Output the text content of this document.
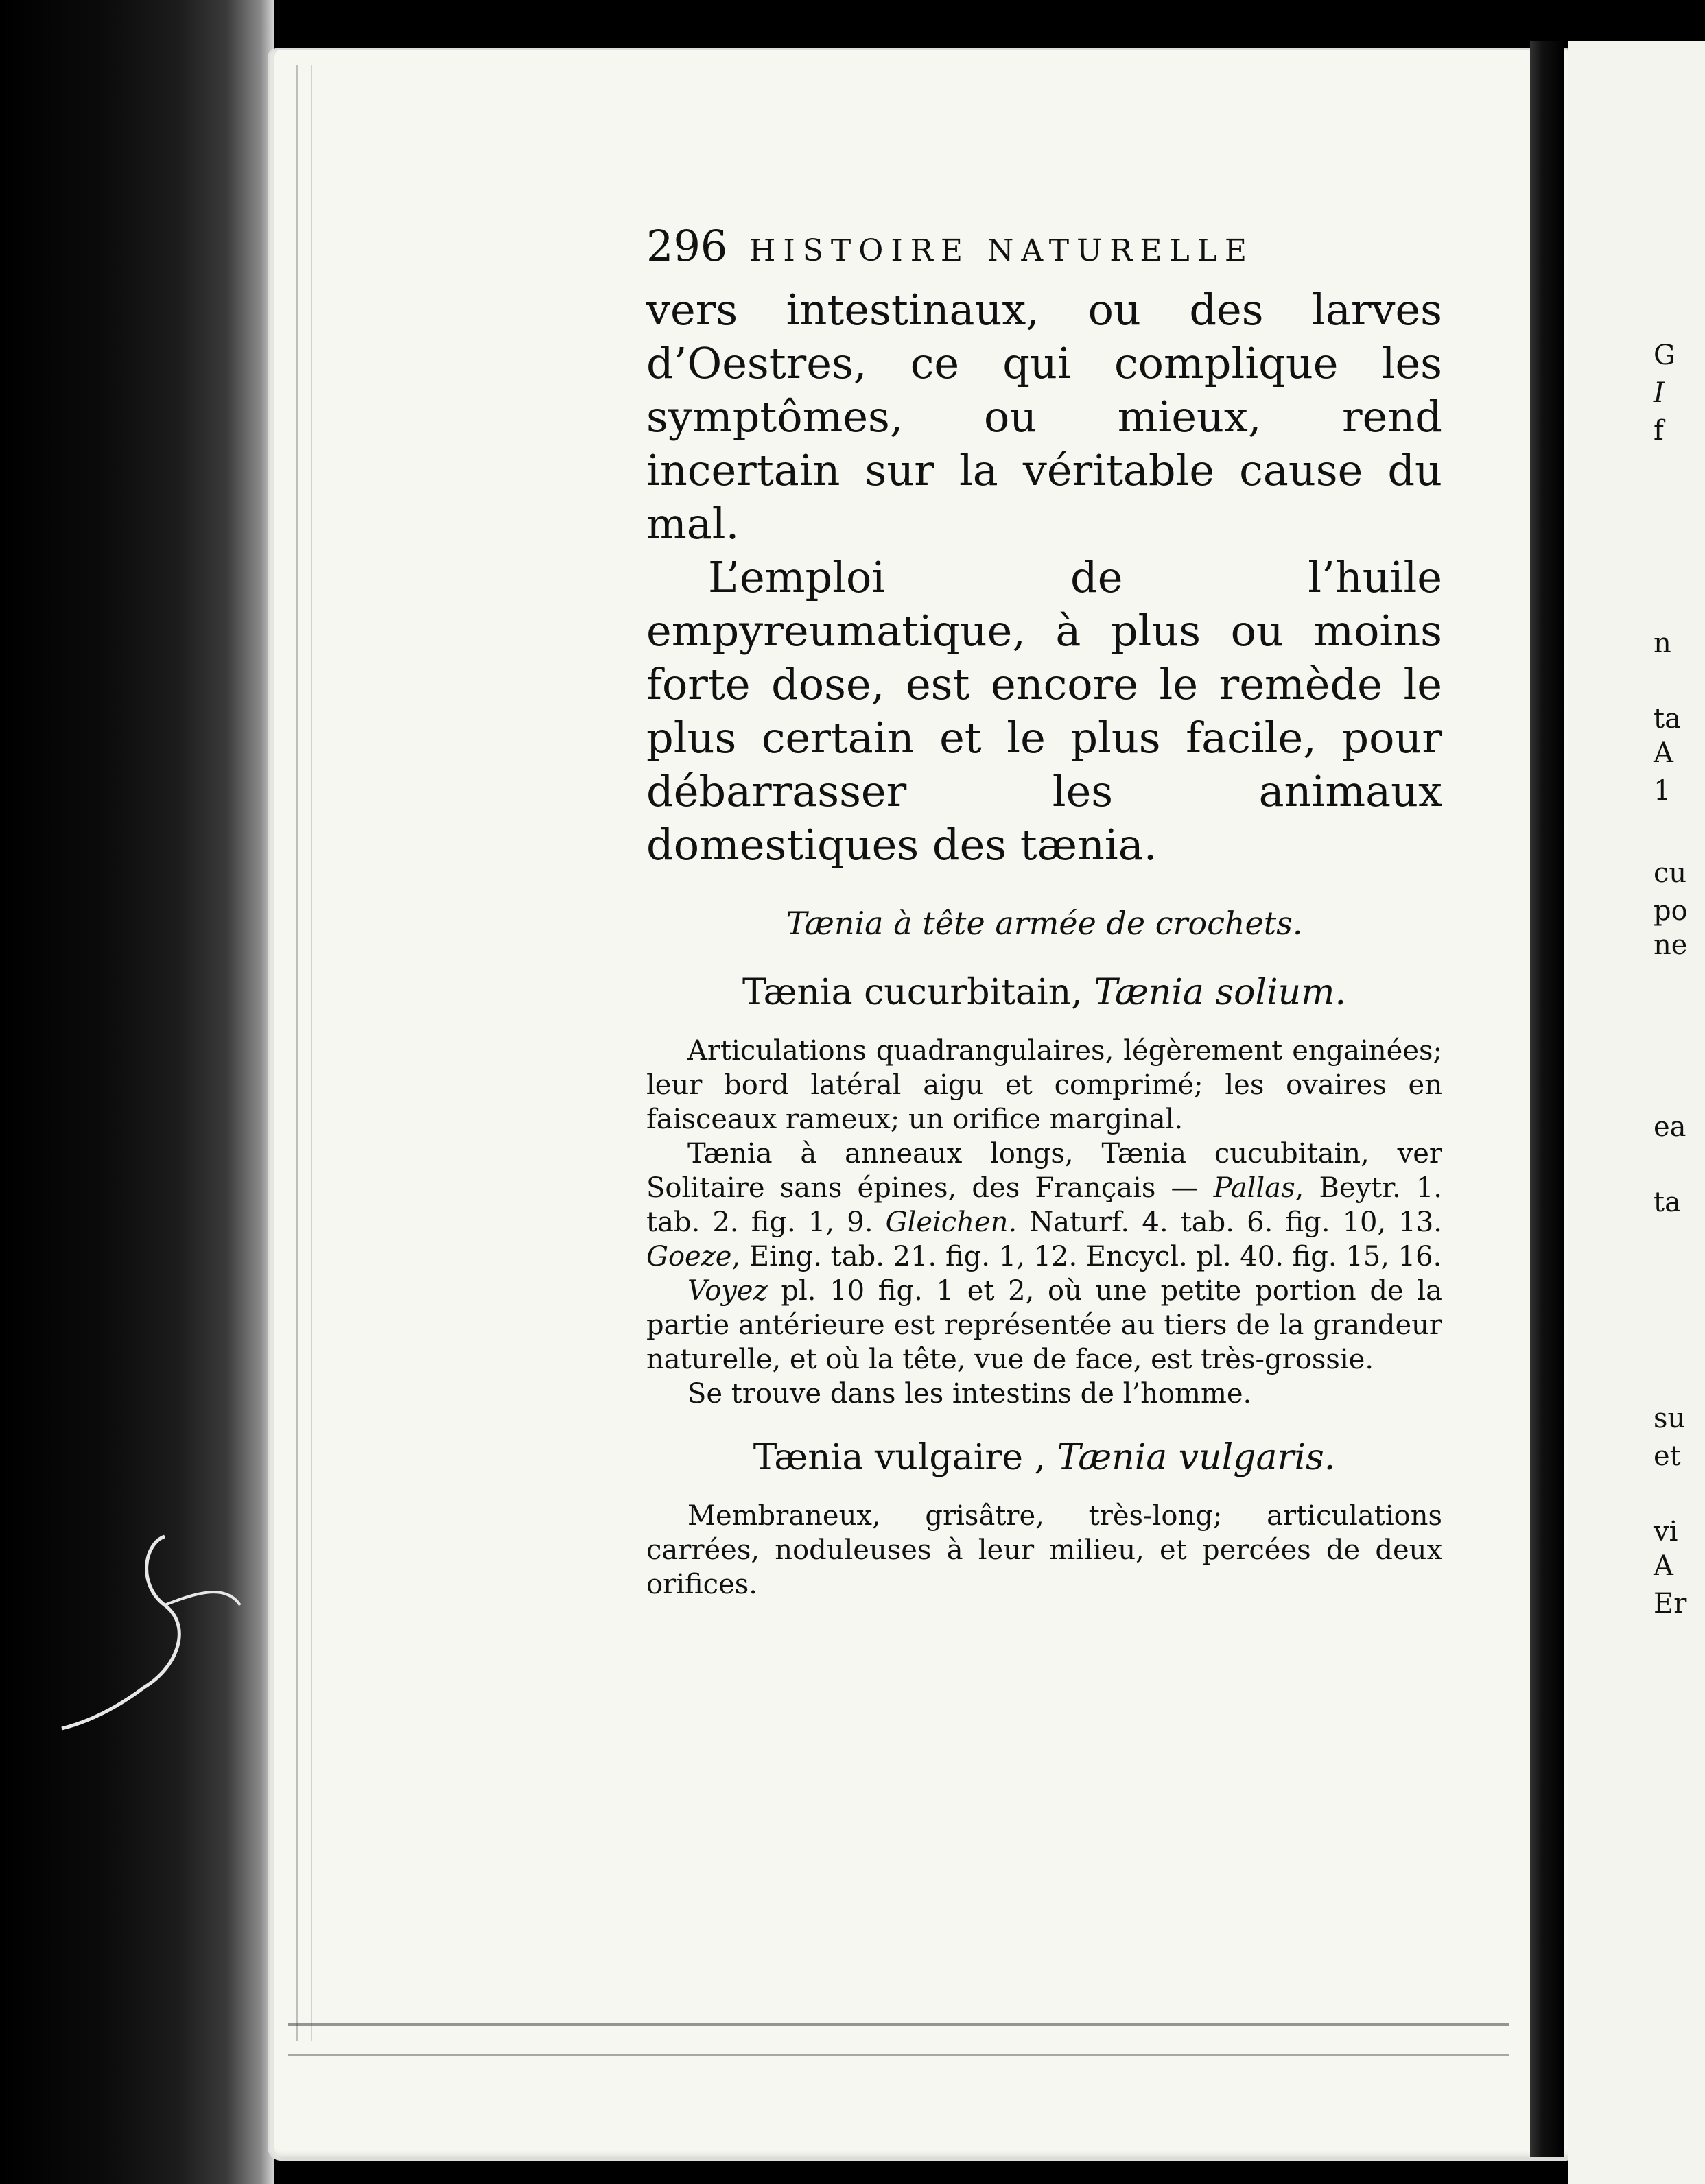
G
I
f
n
ta
A
1
cu
po
ne
ea
ta
su
et
vi
A
Er
296 HISTOIRE NATURELLE

vers intestinaux, ou des larves d’Oestres, ce qui complique les symptômes, ou mieux, rend incertain sur la véritable cause du mal.

L’emploi de l’huile empyreumatique, à plus ou moins forte dose, est encore le remède le plus certain et le plus facile, pour débarrasser les animaux domestiques des tænia.

Tænia à tête armée de crochets.
Tænia cucurbitain, Tænia solium.

Articulations quadrangulaires, légèrement engainées; leur bord latéral aigu et comprimé; les ovaires en faisceaux rameux; un orifice marginal.

Tænia à anneaux longs, Tænia cucubitain, ver Solitaire sans épines, des Français — Pallas, Beytr. 1. tab. 2. fig. 1, 9. Gleichen. Naturf. 4. tab. 6. fig. 10, 13. Goeze, Eing. tab. 21. fig. 1, 12. Encycl. pl. 40. fig. 15, 16.

Voyez pl. 10 fig. 1 et 2, où une petite portion de la partie antérieure est représentée au tiers de la grandeur naturelle, et où la tête, vue de face, est très-grossie.

Se trouve dans les intestins de l’homme.

Tænia vulgaire , Tænia vulgaris.

Membraneux, grisâtre, très-long; articulations carrées, noduleuses à leur milieu, et percées de deux orifices.
